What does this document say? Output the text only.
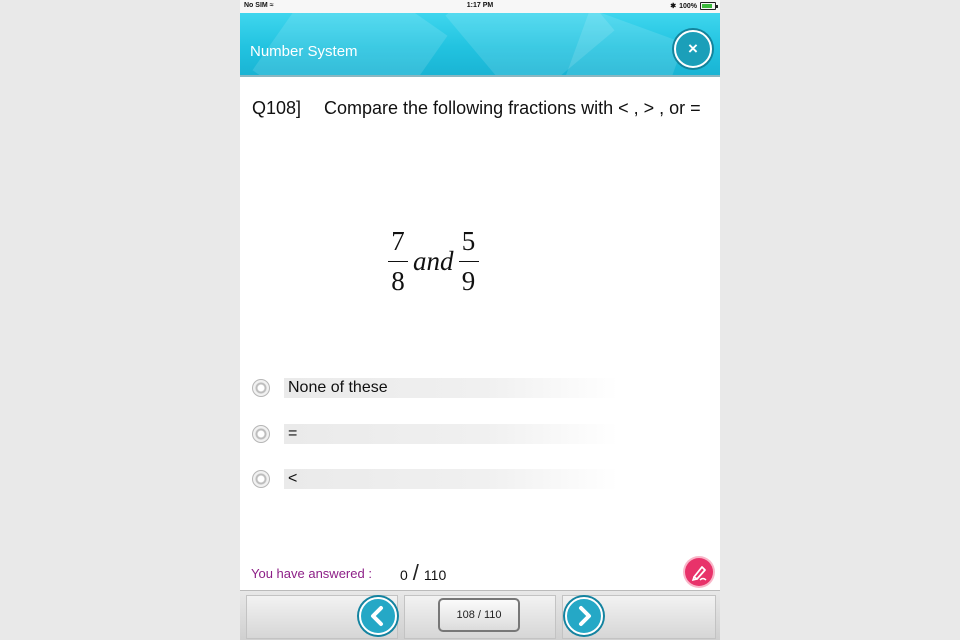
No SIM ≈	1:17 PM	✱ 100%
Number System	×
Q108] Compare the following fractions with < , > , or =
$\frac{7}{8}$ and $\frac{5}{9}$
None of these
=
<
You have answered : 0 / 110
108 / 110
